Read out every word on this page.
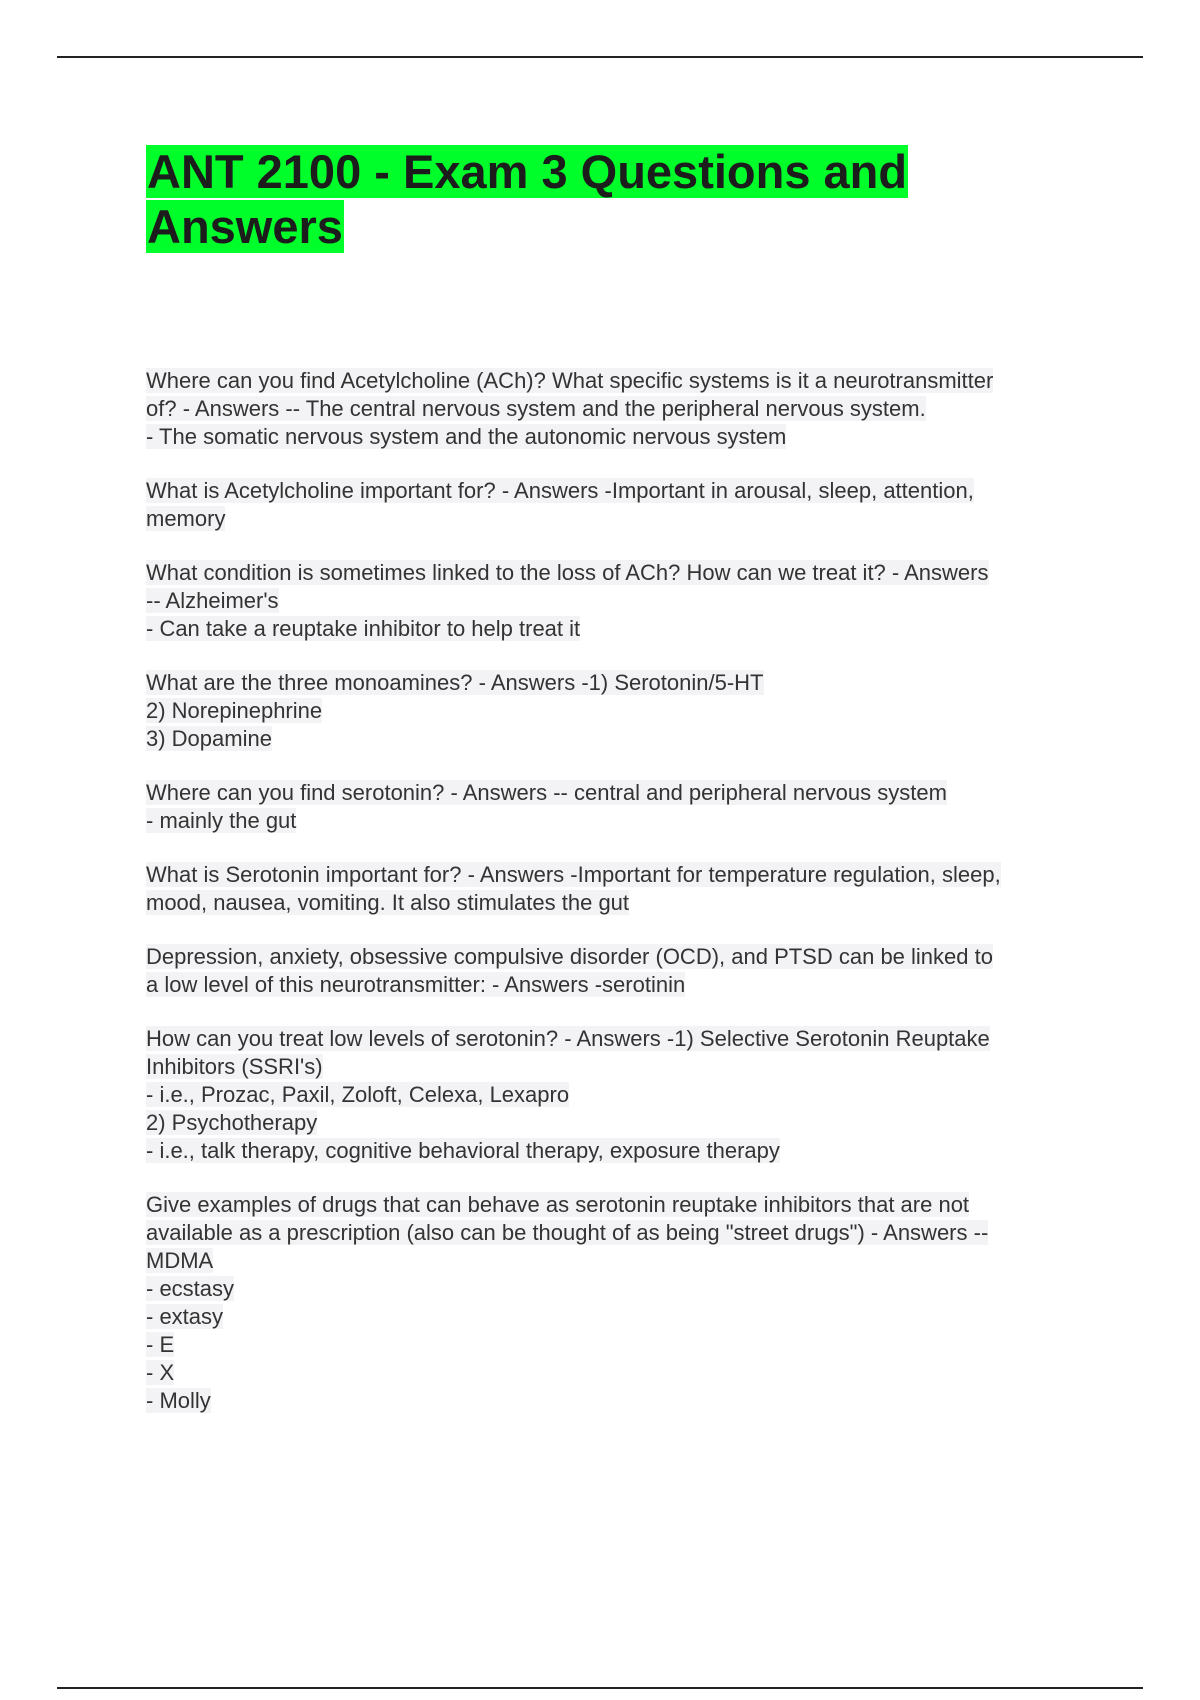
ANT 2100 - Exam 3 Questions and
Answers
Where can you find Acetylcholine (ACh)? What specific systems is it a neurotransmitter
of? - Answers -- The central nervous system and the peripheral nervous system.
- The somatic nervous system and the autonomic nervous system
What is Acetylcholine important for? - Answers -Important in arousal, sleep, attention,
memory
What condition is sometimes linked to the loss of ACh? How can we treat it? - Answers
-- Alzheimer's
- Can take a reuptake inhibitor to help treat it
What are the three monoamines? - Answers -1) Serotonin/5-HT
2) Norepinephrine
3) Dopamine
Where can you find serotonin? - Answers -- central and peripheral nervous system
- mainly the gut
What is Serotonin important for? - Answers -Important for temperature regulation, sleep,
mood, nausea, vomiting. It also stimulates the gut
Depression, anxiety, obsessive compulsive disorder (OCD), and PTSD can be linked to
a low level of this neurotransmitter: - Answers -serotinin
How can you treat low levels of serotonin? - Answers -1) Selective Serotonin Reuptake
Inhibitors (SSRI's)
- i.e., Prozac, Paxil, Zoloft, Celexa, Lexapro
2) Psychotherapy
- i.e., talk therapy, cognitive behavioral therapy, exposure therapy
Give examples of drugs that can behave as serotonin reuptake inhibitors that are not
available as a prescription (also can be thought of as being "street drugs") - Answers --
MDMA
- ecstasy
- extasy
- E
- X
- Molly
